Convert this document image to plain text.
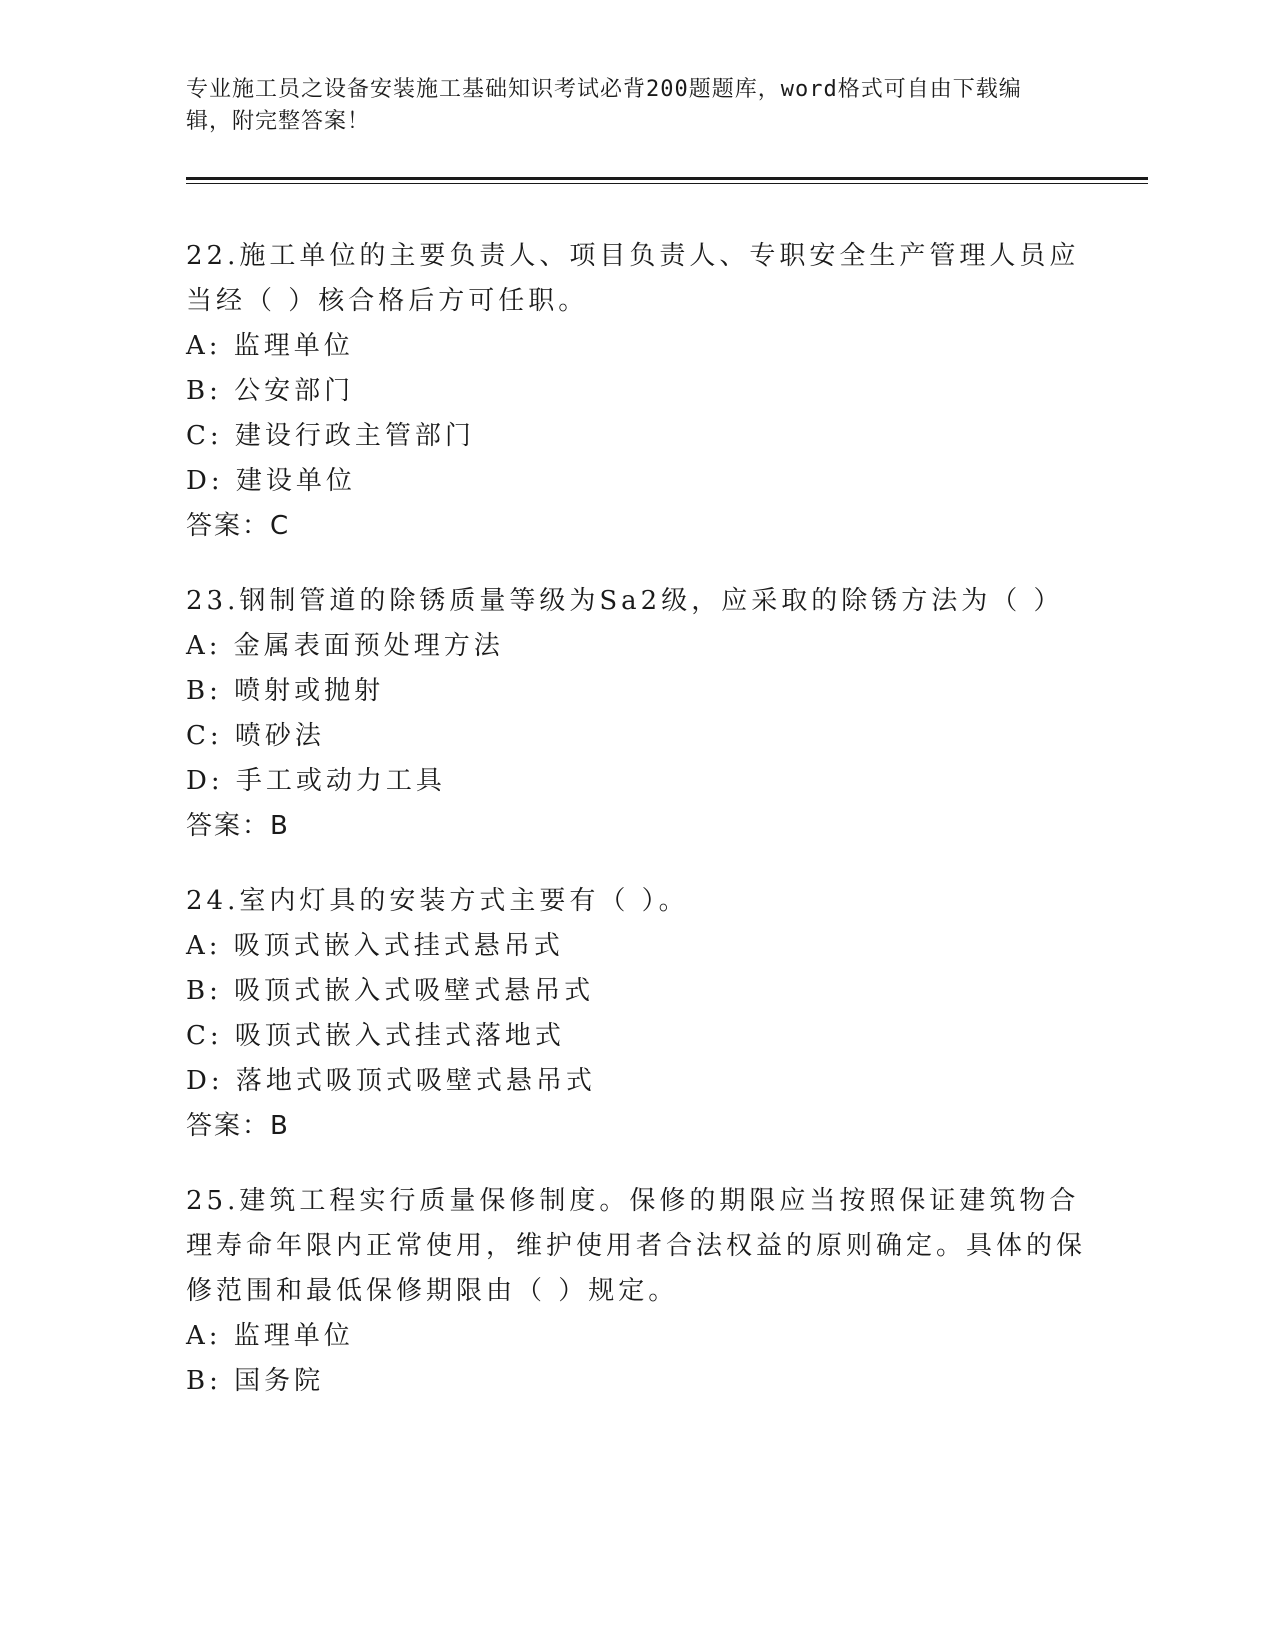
专业施工员之设备安装施工基础知识考试必背200题题库，word格式可自由下载编辑，附完整答案！
22.施工单位的主要负责人、项目负责人、专职安全生产管理人员应当经（ ）核合格后方可任职。
A: 监理单位
B: 公安部门
C: 建设行政主管部门
D: 建设单位
答案：C
23.钢制管道的除锈质量等级为Sa2级，应采取的除锈方法为（ ）
A: 金属表面预处理方法
B: 喷射或抛射
C: 喷砂法
D: 手工或动力工具
答案：B
24.室内灯具的安装方式主要有（ ）。
A: 吸顶式嵌入式挂式悬吊式
B: 吸顶式嵌入式吸壁式悬吊式
C: 吸顶式嵌入式挂式落地式
D: 落地式吸顶式吸壁式悬吊式
答案：B
25.建筑工程实行质量保修制度。保修的期限应当按照保证建筑物合理寿命年限内正常使用，维护使用者合法权益的原则确定。具体的保修范围和最低保修期限由（ ）规定。
A: 监理单位
B: 国务院
